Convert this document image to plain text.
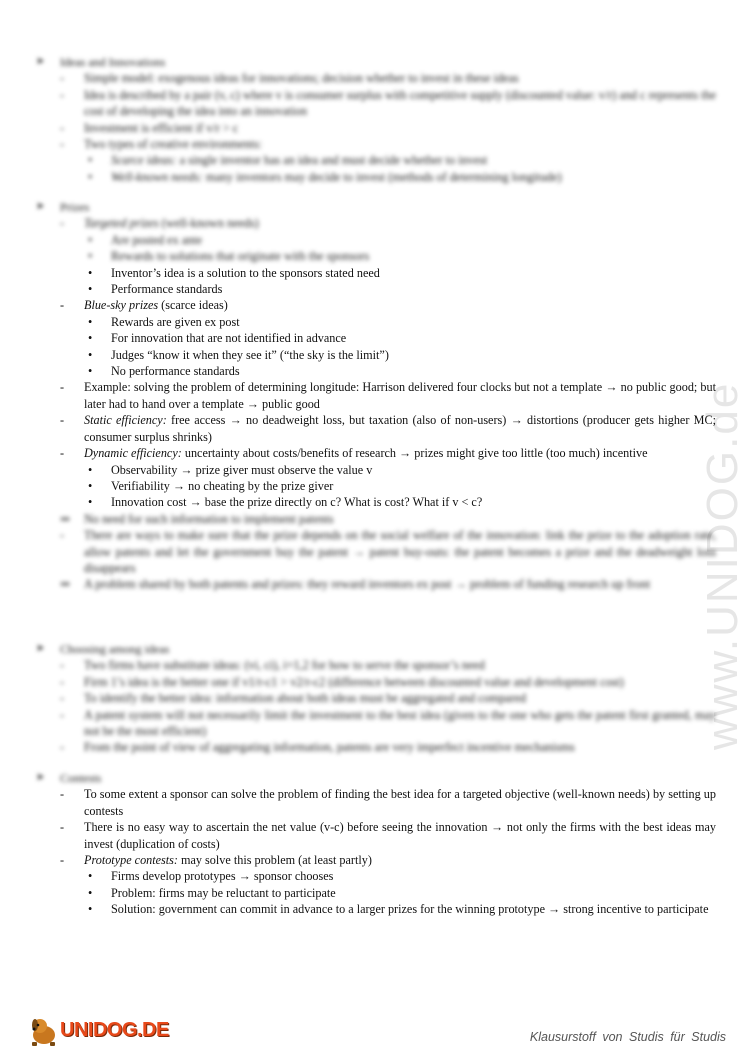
www.UNIDOG.de
➤ Ideas and Innovations
- Simple model: exogenous ideas for innovations; decision whether to invest in these ideas
- Idea is described by a pair (v, c) where v is consumer surplus with competitive supply (discounted value: v/r) and c represents the cost of developing the idea into an innovation
- Investment is efficient if v/r > c
- Two types of creative environments:
• Scarce ideas: a single inventor has an idea and must decide whether to invest
• Well-known needs: many inventors may decide to invest (methods of determining longitude)
➤ Prizes
- Targeted prizes (well-known needs)
• Are posted ex ante
• Rewards to solutions that originate with the sponsors
• Inventor’s idea is a solution to the sponsors stated need
• Performance standards
- Blue-sky prizes (scarce ideas)
• Rewards are given ex post
• For innovation that are not identified in advance
• Judges “know it when they see it” (“the sky is the limit”)
• No performance standards
- Example: solving the problem of determining longitude: Harrison delivered four clocks but not a template → no public good; but later had to hand over a template → public good
- Static efficiency: free access → no deadweight loss, but taxation (also of non-users) → distortions (producer gets higher MC; consumer surplus shrinks)
- Dynamic efficiency: uncertainty about costs/benefits of research → prizes might give too little (too much) incentive
• Observability → prize giver must observe the value v
• Verifiability → no cheating by the prize giver
• Innovation cost → base the prize directly on c? What is cost? What if v < c?
⇒ No need for such information to implement patents
- There are ways to make sure that the prize depends on the social welfare of the innovation: link the prize to the adoption rate, allow patents and let the government buy the patent → patent buy-outs: the patent becomes a prize and the deadweight loss disappears
⇒ A problem shared by both patents and prizes: they reward inventors ex post → problem of funding research up front
➤ Choosing among ideas
- Two firms have substitute ideas: (vi, ci), i=1,2 for how to serve the sponsor’s need
- Firm 1’s idea is the better one if v1/r-c1 > v2/r-c2 (difference between discounted value and development cost)
- To identify the better idea: information about both ideas must be aggregated and compared
- A patent system will not necessarily limit the investment to the best idea (given to the one who gets the patent first granted, may not be the most efficient)
- From the point of view of aggregating information, patents are very imperfect incentive mechanisms
➤ Contests
- To some extent a sponsor can solve the problem of finding the best idea for a targeted objective (well-known needs) by setting up contests
- There is no easy way to ascertain the net value (v-c) before seeing the innovation → not only the firms with the best ideas may invest (duplication of costs)
- Prototype contests: may solve this problem (at least partly)
• Firms develop prototypes → sponsor chooses
• Problem: firms may be reluctant to participate
• Solution: government can commit in advance to a larger prizes for the winning prototype → strong incentive to participate
UNIDOG.DE	Klausurstoff von Studis für Studis
